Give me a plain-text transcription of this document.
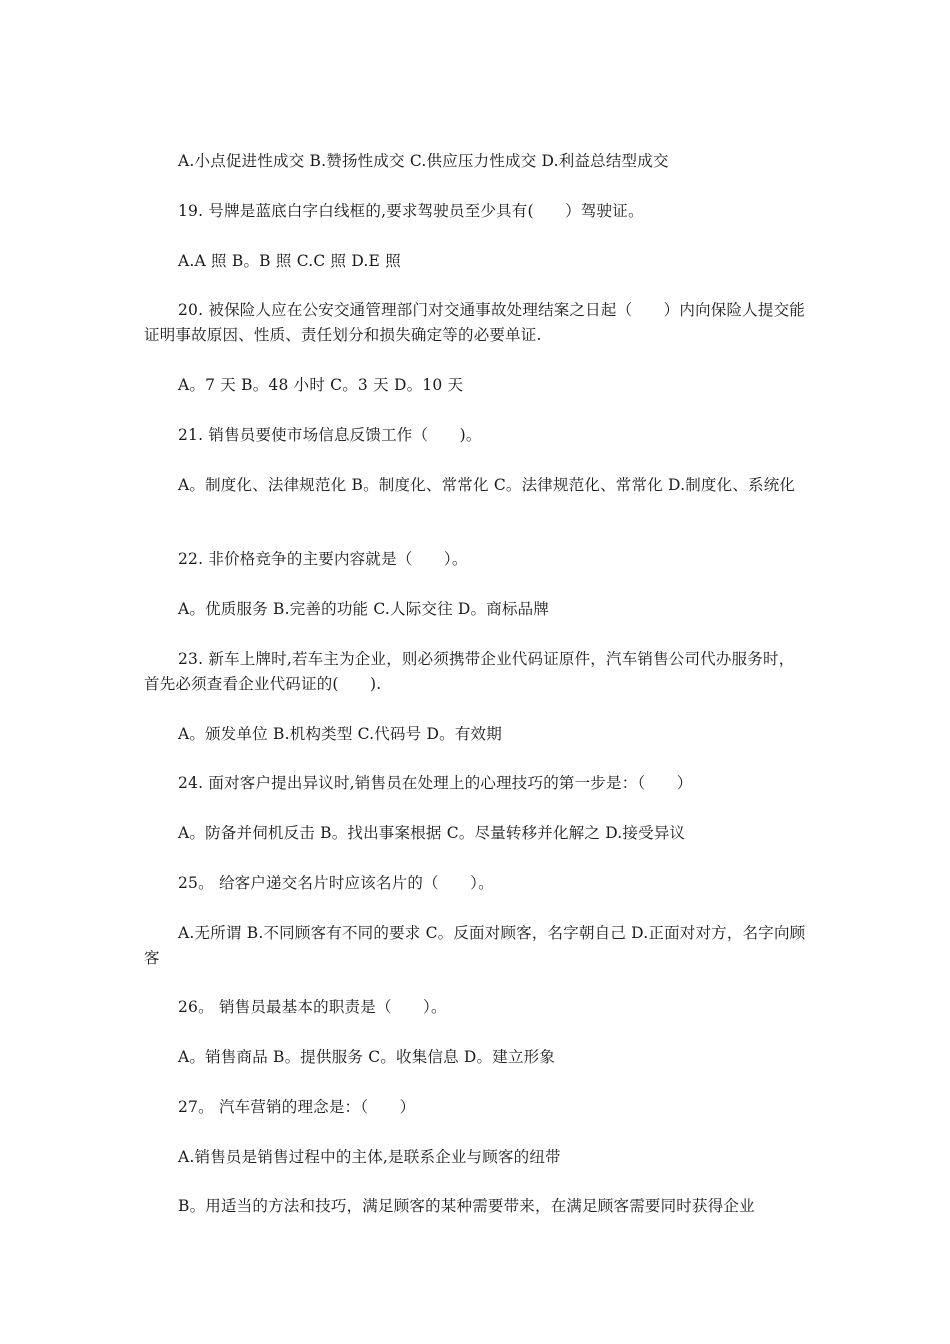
A.小点促进性成交 B.赞扬性成交 C.供应压力性成交 D.利益总结型成交

19. 号牌是蓝底白字白线框的,要求驾驶员至少具有(　　）驾驶证。

A.A 照 B。B 照 C.C 照 D.E 照

20. 被保险人应在公安交通管理部门对交通事故处理结案之日起（　　）内向保险人提交能证明事故原因、性质、责任划分和损失确定等的必要单证.

A。7 天 B。48 小时 C。3 天 D。10 天

21. 销售员要使市场信息反馈工作（　　)。

A。制度化、法律规范化 B。制度化、常常化 C。法律规范化、常常化 D.制度化、系统化

22. 非价格竞争的主要内容就是（　　）。

A。优质服务 B.完善的功能 C.人际交往 D。商标品牌

23. 新车上牌时,若车主为企业，则必须携带企业代码证原件，汽车销售公司代办服务时，首先必须查看企业代码证的(　　).

A。颁发单位 B.机构类型 C.代码号 D。有效期

24. 面对客户提出异议时,销售员在处理上的心理技巧的第一步是：（　　）

A。防备并伺机反击 B。找出事案根据 C。尽量转移并化解之 D.接受异议

25。 给客户递交名片时应该名片的（　　）。

A.无所谓 B.不同顾客有不同的要求 C。反面对顾客，名字朝自己 D.正面对对方，名字向顾客

26。 销售员最基本的职责是（　　）。

A。销售商品 B。提供服务 C。收集信息 D。建立形象

27。 汽车营销的理念是：（　　）

A.销售员是销售过程中的主体,是联系企业与顾客的纽带

B。用适当的方法和技巧，满足顾客的某种需要带来，在满足顾客需要同时获得企业
